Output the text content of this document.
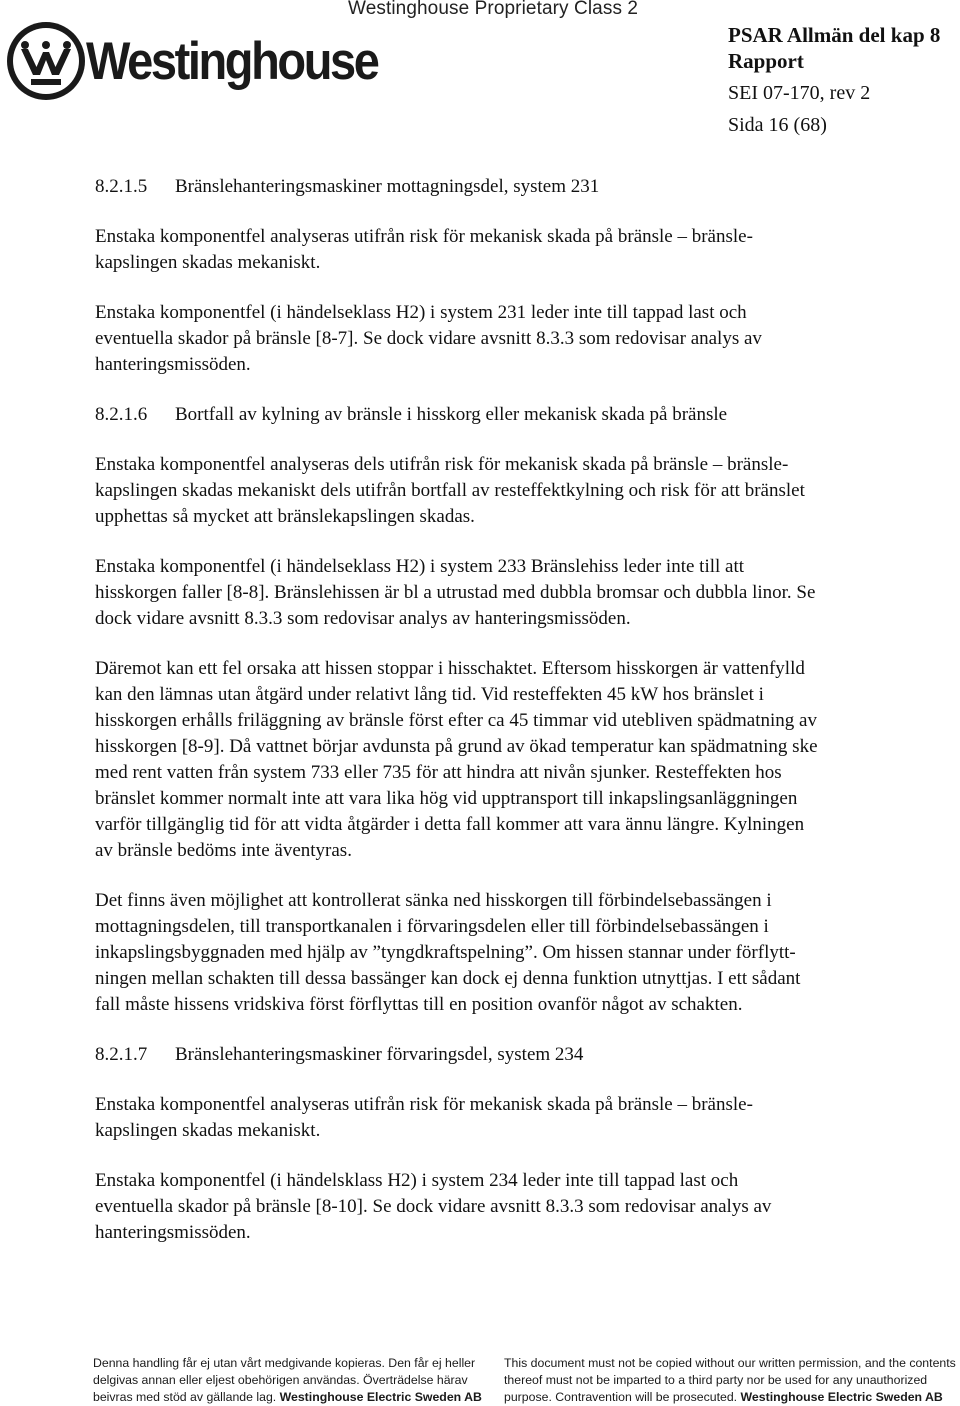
Westinghouse Proprietary Class 2
Westinghouse	PSAR Allmän del kap 8
Rapport
SEI 07-170, rev 2
Sida 16 (68)
8.2.1.5 Bränslehanteringsmaskiner mottagningsdel, system 231
Enstaka komponentfel analyseras utifrån risk för mekanisk skada på bränsle – bränsle-
kapslingen skadas mekaniskt.
Enstaka komponentfel (i händelseklass H2) i system 231 leder inte till tappad last och
eventuella skador på bränsle [8-7]. Se dock vidare avsnitt 8.3.3 som redovisar analys av
hanteringsmissöden.
8.2.1.6 Bortfall av kylning av bränsle i hisskorg eller mekanisk skada på bränsle
Enstaka komponentfel analyseras dels utifrån risk för mekanisk skada på bränsle – bränsle-
kapslingen skadas mekaniskt dels utifrån bortfall av resteffektkylning och risk för att bränslet
upphettas så mycket att bränslekapslingen skadas.
Enstaka komponentfel (i händelseklass H2) i system 233 Bränslehiss leder inte till att
hisskorgen faller [8-8]. Bränslehissen är bl a utrustad med dubbla bromsar och dubbla linor. Se
dock vidare avsnitt 8.3.3 som redovisar analys av hanteringsmissöden.
Däremot kan ett fel orsaka att hissen stoppar i hisschaktet. Eftersom hisskorgen är vattenfylld
kan den lämnas utan åtgärd under relativt lång tid. Vid resteffekten 45 kW hos bränslet i
hisskorgen erhålls friläggning av bränsle först efter ca 45 timmar vid utebliven spädmatning av
hisskorgen [8-9]. Då vattnet börjar avdunsta på grund av ökad temperatur kan spädmatning ske
med rent vatten från system 733 eller 735 för att hindra att nivån sjunker. Resteffekten hos
bränslet kommer normalt inte att vara lika hög vid upptransport till inkapslingsanläggningen
varför tillgänglig tid för att vidta åtgärder i detta fall kommer att vara ännu längre. Kylningen
av bränsle bedöms inte äventyras.
Det finns även möjlighet att kontrollerat sänka ned hisskorgen till förbindelsebassängen i
mottagningsdelen, till transportkanalen i förvaringsdelen eller till förbindelsebassängen i
inkapslingsbyggnaden med hjälp av ”tyngdkraftspelning”. Om hissen stannar under förflytt-
ningen mellan schakten till dessa bassänger kan dock ej denna funktion utnyttjas. I ett sådant
fall måste hissens vridskiva först förflyttas till en position ovanför något av schakten.
8.2.1.7 Bränslehanteringsmaskiner förvaringsdel, system 234
Enstaka komponentfel analyseras utifrån risk för mekanisk skada på bränsle – bränsle-
kapslingen skadas mekaniskt.
Enstaka komponentfel (i händelsklass H2) i system 234 leder inte till tappad last och
eventuella skador på bränsle [8-10]. Se dock vidare avsnitt 8.3.3 som redovisar analys av
hanteringsmissöden.
Denna handling får ej utan vårt medgivande kopieras. Den får ej heller
delgivas annan eller eljest obehörigen användas. Överträdelse härav
beivras med stöd av gällande lag. Westinghouse Electric Sweden AB
This document must not be copied without our written permission, and the contents
thereof must not be imparted to a third party nor be used for any unauthorized
purpose. Contravention will be prosecuted. Westinghouse Electric Sweden AB
